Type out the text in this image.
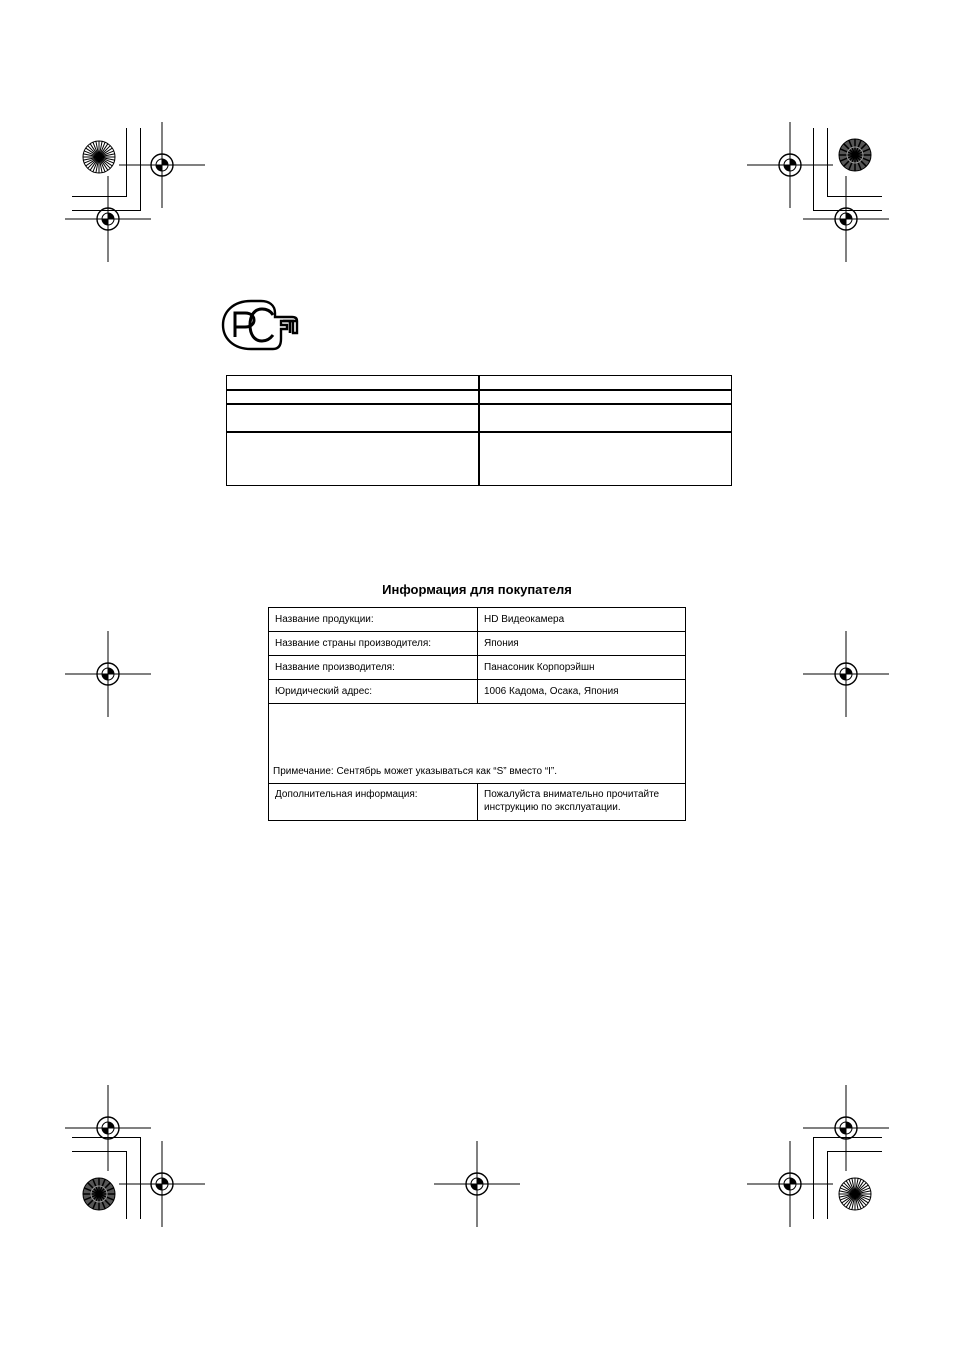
Информация для покупателя
Название продукции:	HD Видеокамера
Название страны производителя:	Япония
Название производителя:	Панасоник Корпорэйшн
Юридический адрес:	1006 Кадома, Осака, Япония
Примечание: Сентябрь может указываться как “S” вместо “I”.	
Дополнительная информация:	Пожалуйста внимательно прочитайте
инструкцию по эксплуатации.
